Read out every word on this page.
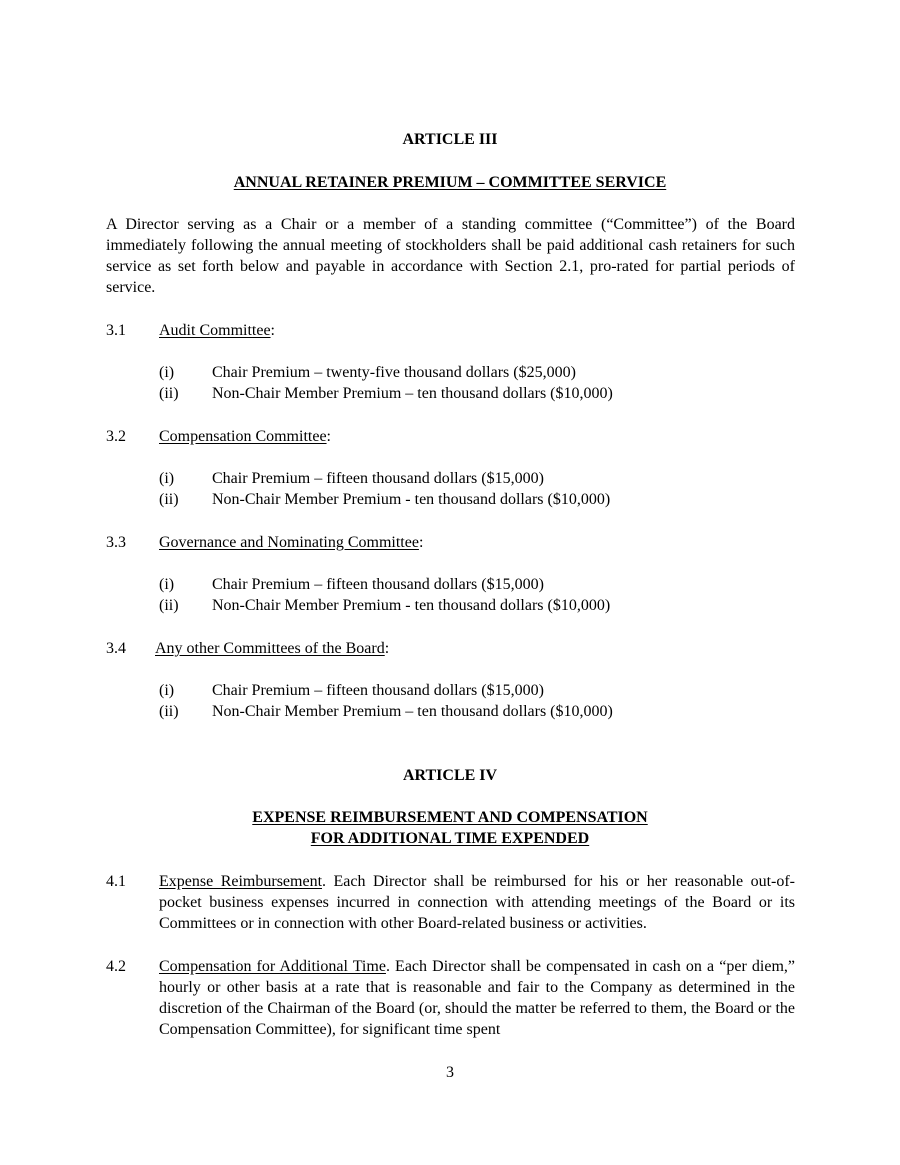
ARTICLE III
ANNUAL RETAINER PREMIUM – COMMITTEE SERVICE
A Director serving as a Chair or a member of a standing committee (“Committee”) of the Board immediately following the annual meeting of stockholders shall be paid additional cash retainers for such service as set forth below and payable in accordance with Section 2.1, pro-rated for partial periods of service.
3.1 Audit Committee:
(i) Chair Premium – twenty-five thousand dollars ($25,000)
(ii) Non-Chair Member Premium – ten thousand dollars ($10,000)
3.2 Compensation Committee:
(i) Chair Premium – fifteen thousand dollars ($15,000)
(ii) Non-Chair Member Premium - ten thousand dollars ($10,000)
3.3 Governance and Nominating Committee:
(i) Chair Premium – fifteen thousand dollars ($15,000)
(ii) Non-Chair Member Premium - ten thousand dollars ($10,000)
3.4 Any other Committees of the Board:
(i) Chair Premium – fifteen thousand dollars ($15,000)
(ii) Non-Chair Member Premium – ten thousand dollars ($10,000)
ARTICLE IV
EXPENSE REIMBURSEMENT AND COMPENSATION
FOR ADDITIONAL TIME EXPENDED
4.1 Expense Reimbursement. Each Director shall be reimbursed for his or her reasonable out-of-pocket business expenses incurred in connection with attending meetings of the Board or its Committees or in connection with other Board-related business or activities.
4.2 Compensation for Additional Time. Each Director shall be compensated in cash on a “per diem,” hourly or other basis at a rate that is reasonable and fair to the Company as determined in the discretion of the Chairman of the Board (or, should the matter be referred to them, the Board or the Compensation Committee), for significant time spent
3
